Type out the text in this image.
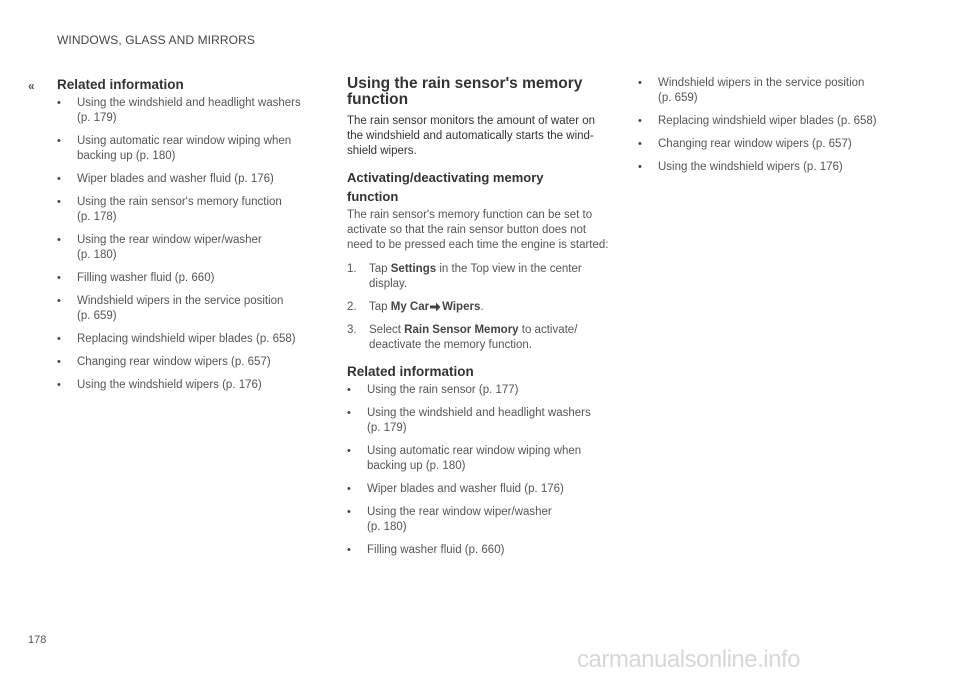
WINDOWS, GLASS AND MIRRORS
« Related information
• Using the windshield and headlight washers
(p. 179)
• Using automatic rear window wiping when
backing up (p. 180)
• Wiper blades and washer fluid (p. 176)
• Using the rain sensor's memory function
(p. 178)
• Using the rear window wiper/washer
(p. 180)
• Filling washer fluid (p. 660)
• Windshield wipers in the service position
(p. 659)
• Replacing windshield wiper blades (p. 658)
• Changing rear window wipers (p. 657)
• Using the windshield wipers (p. 176)
Using the rain sensor's memory
function

The rain sensor monitors the amount of water on the windshield and automatically starts the wind-shield wipers.

Activating/deactivating memory
function

The rain sensor's memory function can be set to activate so that the rain sensor button does not need to be pressed each time the engine is started:

1. Tap Settings in the Top view in the center display.
2. Tap My Car Wipers.
3. Select Rain Sensor Memory to activate/ deactivate the memory function.
Related information
• Using the rain sensor (p. 177)
• Using the windshield and headlight washers
(p. 179)
• Using automatic rear window wiping when
backing up (p. 180)
• Wiper blades and washer fluid (p. 176)
• Using the rear window wiper/washer
(p. 180)
• Filling washer fluid (p. 660)
• Windshield wipers in the service position
(p. 659)
• Replacing windshield wiper blades (p. 658)
• Changing rear window wipers (p. 657)
• Using the windshield wipers (p. 176)
178
carmanualsonline.info
